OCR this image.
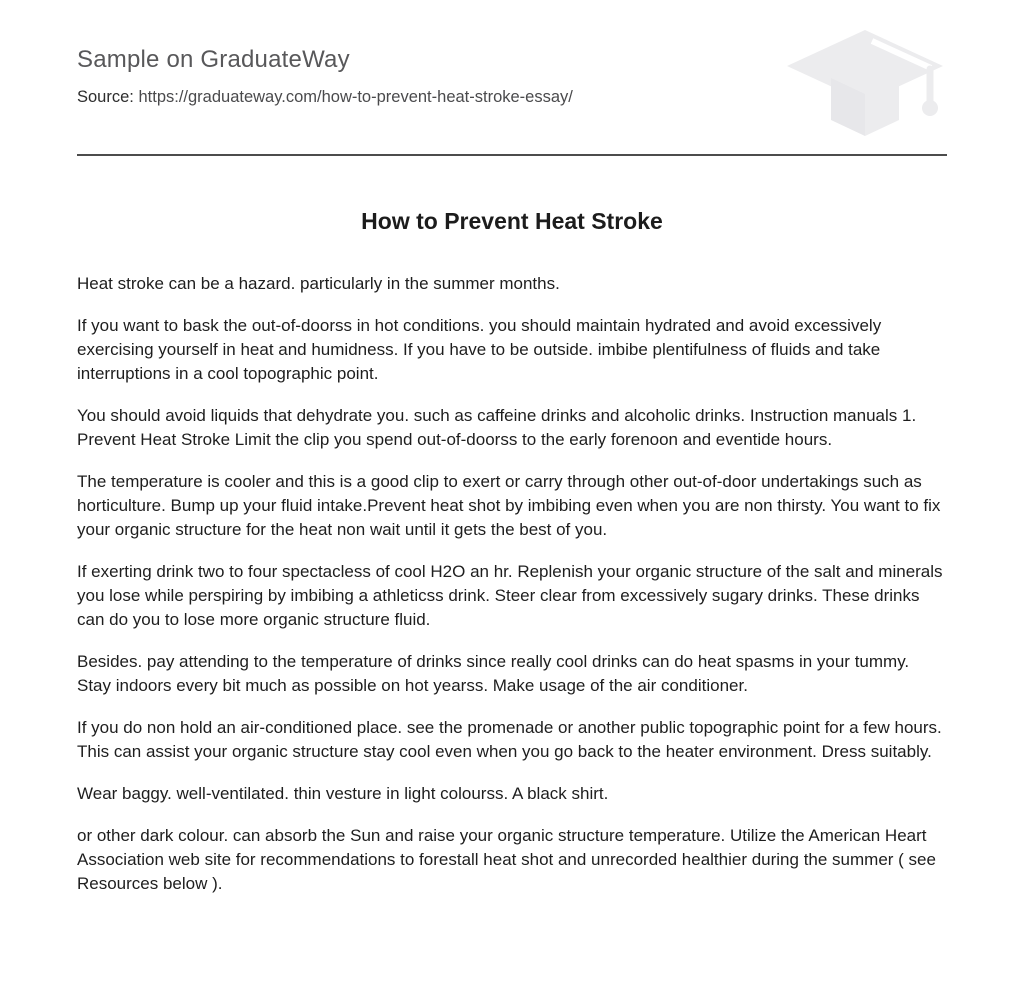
Sample on GraduateWay
Source: https://graduateway.com/how-to-prevent-heat-stroke-essay/
How to Prevent Heat Stroke

Heat stroke can be a hazard. particularly in the summer months.

If you want to bask the out-of-doorss in hot conditions. you should maintain hydrated and avoid excessively exercising yourself in heat and humidness. If you have to be outside. imbibe plentifulness of fluids and take interruptions in a cool topographic point.

You should avoid liquids that dehydrate you. such as caffeine drinks and alcoholic drinks. Instruction manuals 1. Prevent Heat Stroke Limit the clip you spend out-of-doorss to the early forenoon and eventide hours.

The temperature is cooler and this is a good clip to exert or carry through other out-of-door undertakings such as horticulture. Bump up your fluid intake.Prevent heat shot by imbibing even when you are non thirsty. You want to fix your organic structure for the heat non wait until it gets the best of you.

If exerting drink two to four spectacless of cool H2O an hr. Replenish your organic structure of the salt and minerals you lose while perspiring by imbibing a athleticss drink. Steer clear from excessively sugary drinks. These drinks can do you to lose more organic structure fluid.

Besides. pay attending to the temperature of drinks since really cool drinks can do heat spasms in your tummy.  Stay indoors every bit much as possible on hot yearss. Make usage of the air conditioner.

If you do non hold an air-conditioned place. see the promenade or another public topographic point for a few hours. This can assist your organic structure stay cool even when you go back to the heater environment. Dress suitably.

Wear baggy. well-ventilated. thin vesture in light colourss. A black shirt.

or other dark colour. can absorb the Sun and raise your organic structure temperature. Utilize the American Heart Association web site for recommendations to forestall heat shot and unrecorded healthier during the summer ( see Resources below ).
